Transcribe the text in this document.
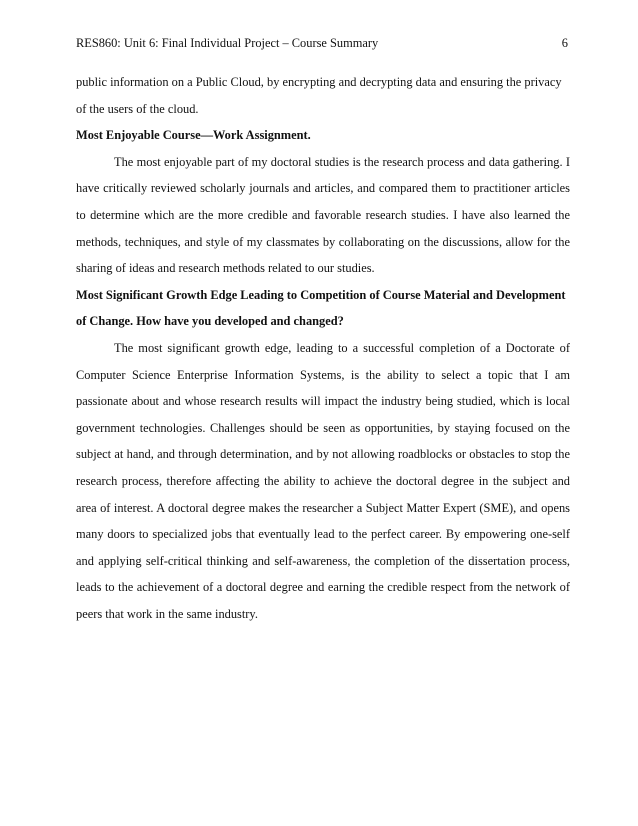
RES860: Unit 6: Final Individual Project – Course Summary	6

public information on a Public Cloud, by encrypting and decrypting data and ensuring the privacy of the users of the cloud.

Most Enjoyable Course—Work Assignment.

The most enjoyable part of my doctoral studies is the research process and data gathering. I have critically reviewed scholarly journals and articles, and compared them to practitioner articles to determine which are the more credible and favorable research studies. I have also learned the methods, techniques, and style of my classmates by collaborating on the discussions, allow for the sharing of ideas and research methods related to our studies.

Most Significant Growth Edge Leading to Competition of Course Material and Development of Change. How have you developed and changed?

The most significant growth edge, leading to a successful completion of a Doctorate of Computer Science Enterprise Information Systems, is the ability to select a topic that I am passionate about and whose research results will impact the industry being studied, which is local government technologies. Challenges should be seen as opportunities, by staying focused on the subject at hand, and through determination, and by not allowing roadblocks or obstacles to stop the research process, therefore affecting the ability to achieve the doctoral degree in the subject and area of interest. A doctoral degree makes the researcher a Subject Matter Expert (SME), and opens many doors to specialized jobs that eventually lead to the perfect career. By empowering one-self and applying self-critical thinking and self-awareness, the completion of the dissertation process, leads to the achievement of a doctoral degree and earning the credible respect from the network of peers that work in the same industry.
